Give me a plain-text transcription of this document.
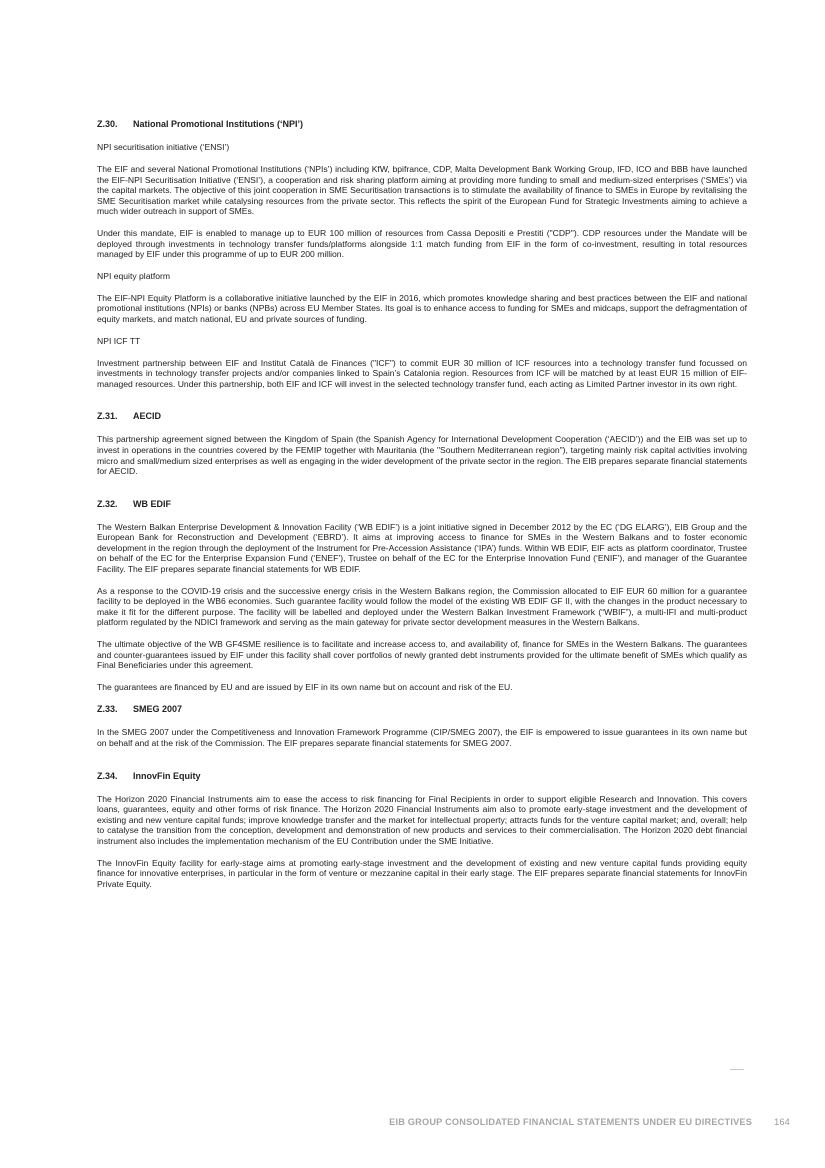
Z.30. National Promotional Institutions (‘NPI’)

NPI securitisation initiative (‘ENSI’)

The EIF and several National Promotional Institutions (‘NPIs’) including KfW, bpifrance, CDP, Malta Development Bank Working Group, IFD, ICO and BBB have launched the EIF-NPI Securitisation Initiative (‘ENSI’), a cooperation and risk sharing platform aiming at providing more funding to small and medium-sized enterprises (‘SMEs’) via the capital markets. The objective of this joint cooperation in SME Securitisation transactions is to stimulate the availability of finance to SMEs in Europe by revitalising the SME Securitisation market while catalysing resources from the private sector. This reflects the spirit of the European Fund for Strategic Investments aiming to achieve a much wider outreach in support of SMEs.

Under this mandate, EIF is enabled to manage up to EUR 100 million of resources from Cassa Depositi e Prestiti ("CDP"). CDP resources under the Mandate will be deployed through investments in technology transfer funds/platforms alongside 1:1 match funding from EIF in the form of co-investment, resulting in total resources managed by EIF under this programme of up to EUR 200 million.

NPI equity platform

The EIF-NPI Equity Platform is a collaborative initiative launched by the EIF in 2016, which promotes knowledge sharing and best practices between the EIF and national promotional institutions (NPIs) or banks (NPBs) across EU Member States. Its goal is to enhance access to funding for SMEs and midcaps, support the defragmentation of equity markets, and match national, EU and private sources of funding.

NPI ICF TT

Investment partnership between EIF and Institut Català de Finances ("ICF") to commit EUR 30 million of ICF resources into a technology transfer fund focussed on investments in technology transfer projects and/or companies linked to Spain’s Catalonia region. Resources from ICF will be matched by at least EUR 15 million of EIF-managed resources. Under this partnership, both EIF and ICF will invest in the selected technology transfer fund, each acting as Limited Partner investor in its own right.

Z.31. AECID

This partnership agreement signed between the Kingdom of Spain (the Spanish Agency for International Development Cooperation (‘AECID’)) and the EIB was set up to invest in operations in the countries covered by the FEMIP together with Mauritania (the "Southern Mediterranean region"), targeting mainly risk capital activities involving micro and small/medium sized enterprises as well as engaging in the wider development of the private sector in the region. The EIB prepares separate financial statements for AECID.

Z.32. WB EDIF

The Western Balkan Enterprise Development & Innovation Facility (‘WB EDIF’) is a joint initiative signed in December 2012 by the EC (‘DG ELARG’), EIB Group and the European Bank for Reconstruction and Development (‘EBRD’). It aims at improving access to finance for SMEs in the Western Balkans and to foster economic development in the region through the deployment of the Instrument for Pre-Accession Assistance (‘IPA’) funds. Within WB EDIF, EIF acts as platform coordinator, Trustee on behalf of the EC for the Enterprise Expansion Fund (‘ENEF’), Trustee on behalf of the EC for the Enterprise Innovation Fund (‘ENIF’), and manager of the Guarantee Facility. The EIF prepares separate financial statements for WB EDIF.

As a response to the COVID-19 crisis and the successive energy crisis in the Western Balkans region, the Commission allocated to EIF EUR 60 million for a guarantee facility to be deployed in the WB6 economies. Such guarantee facility would follow the model of the existing WB EDIF GF II, with the changes in the product necessary to make it fit for the different purpose. The facility will be labelled and deployed under the Western Balkan Investment Framework (“WBIF”), a multi-IFI and multi-product platform regulated by the NDICI framework and serving as the main gateway for private sector development measures in the Western Balkans.

The ultimate objective of the WB GF4SME resilience is to facilitate and increase access to, and availability of, finance for SMEs in the Western Balkans. The guarantees and counter-guarantees issued by EIF under this facility shall cover portfolios of newly granted debt instruments provided for the ultimate benefit of SMEs which qualify as Final Beneficiaries under this agreement.

The guarantees are financed by EU and are issued by EIF in its own name but on account and risk of the EU.

Z.33. SMEG 2007

In the SMEG 2007 under the Competitiveness and Innovation Framework Programme (CIP/SMEG 2007), the EIF is empowered to issue guarantees in its own name but on behalf and at the risk of the Commission. The EIF prepares separate financial statements for SMEG 2007.

Z.34. InnovFin Equity

The Horizon 2020 Financial Instruments aim to ease the access to risk financing for Final Recipients in order to support eligible Research and Innovation. This covers loans, guarantees, equity and other forms of risk finance. The Horizon 2020 Financial Instruments aim also to promote early-stage investment and the development of existing and new venture capital funds; improve knowledge transfer and the market for intellectual property; attracts funds for the venture capital market; and, overall; help to catalyse the transition from the conception, development and demonstration of new products and services to their commercialisation. The Horizon 2020 debt financial instrument also includes the implementation mechanism of the EU Contribution under the SME Initiative.

The InnovFin Equity facility for early-stage aims at promoting early-stage investment and the development of existing and new venture capital funds providing equity finance for innovative enterprises, in particular in the form of venture or mezzanine capital in their early stage. The EIF prepares separate financial statements for InnovFin Private Equity.

EIB GROUP CONSOLIDATED FINANCIAL STATEMENTS UNDER EU DIRECTIVES 164
